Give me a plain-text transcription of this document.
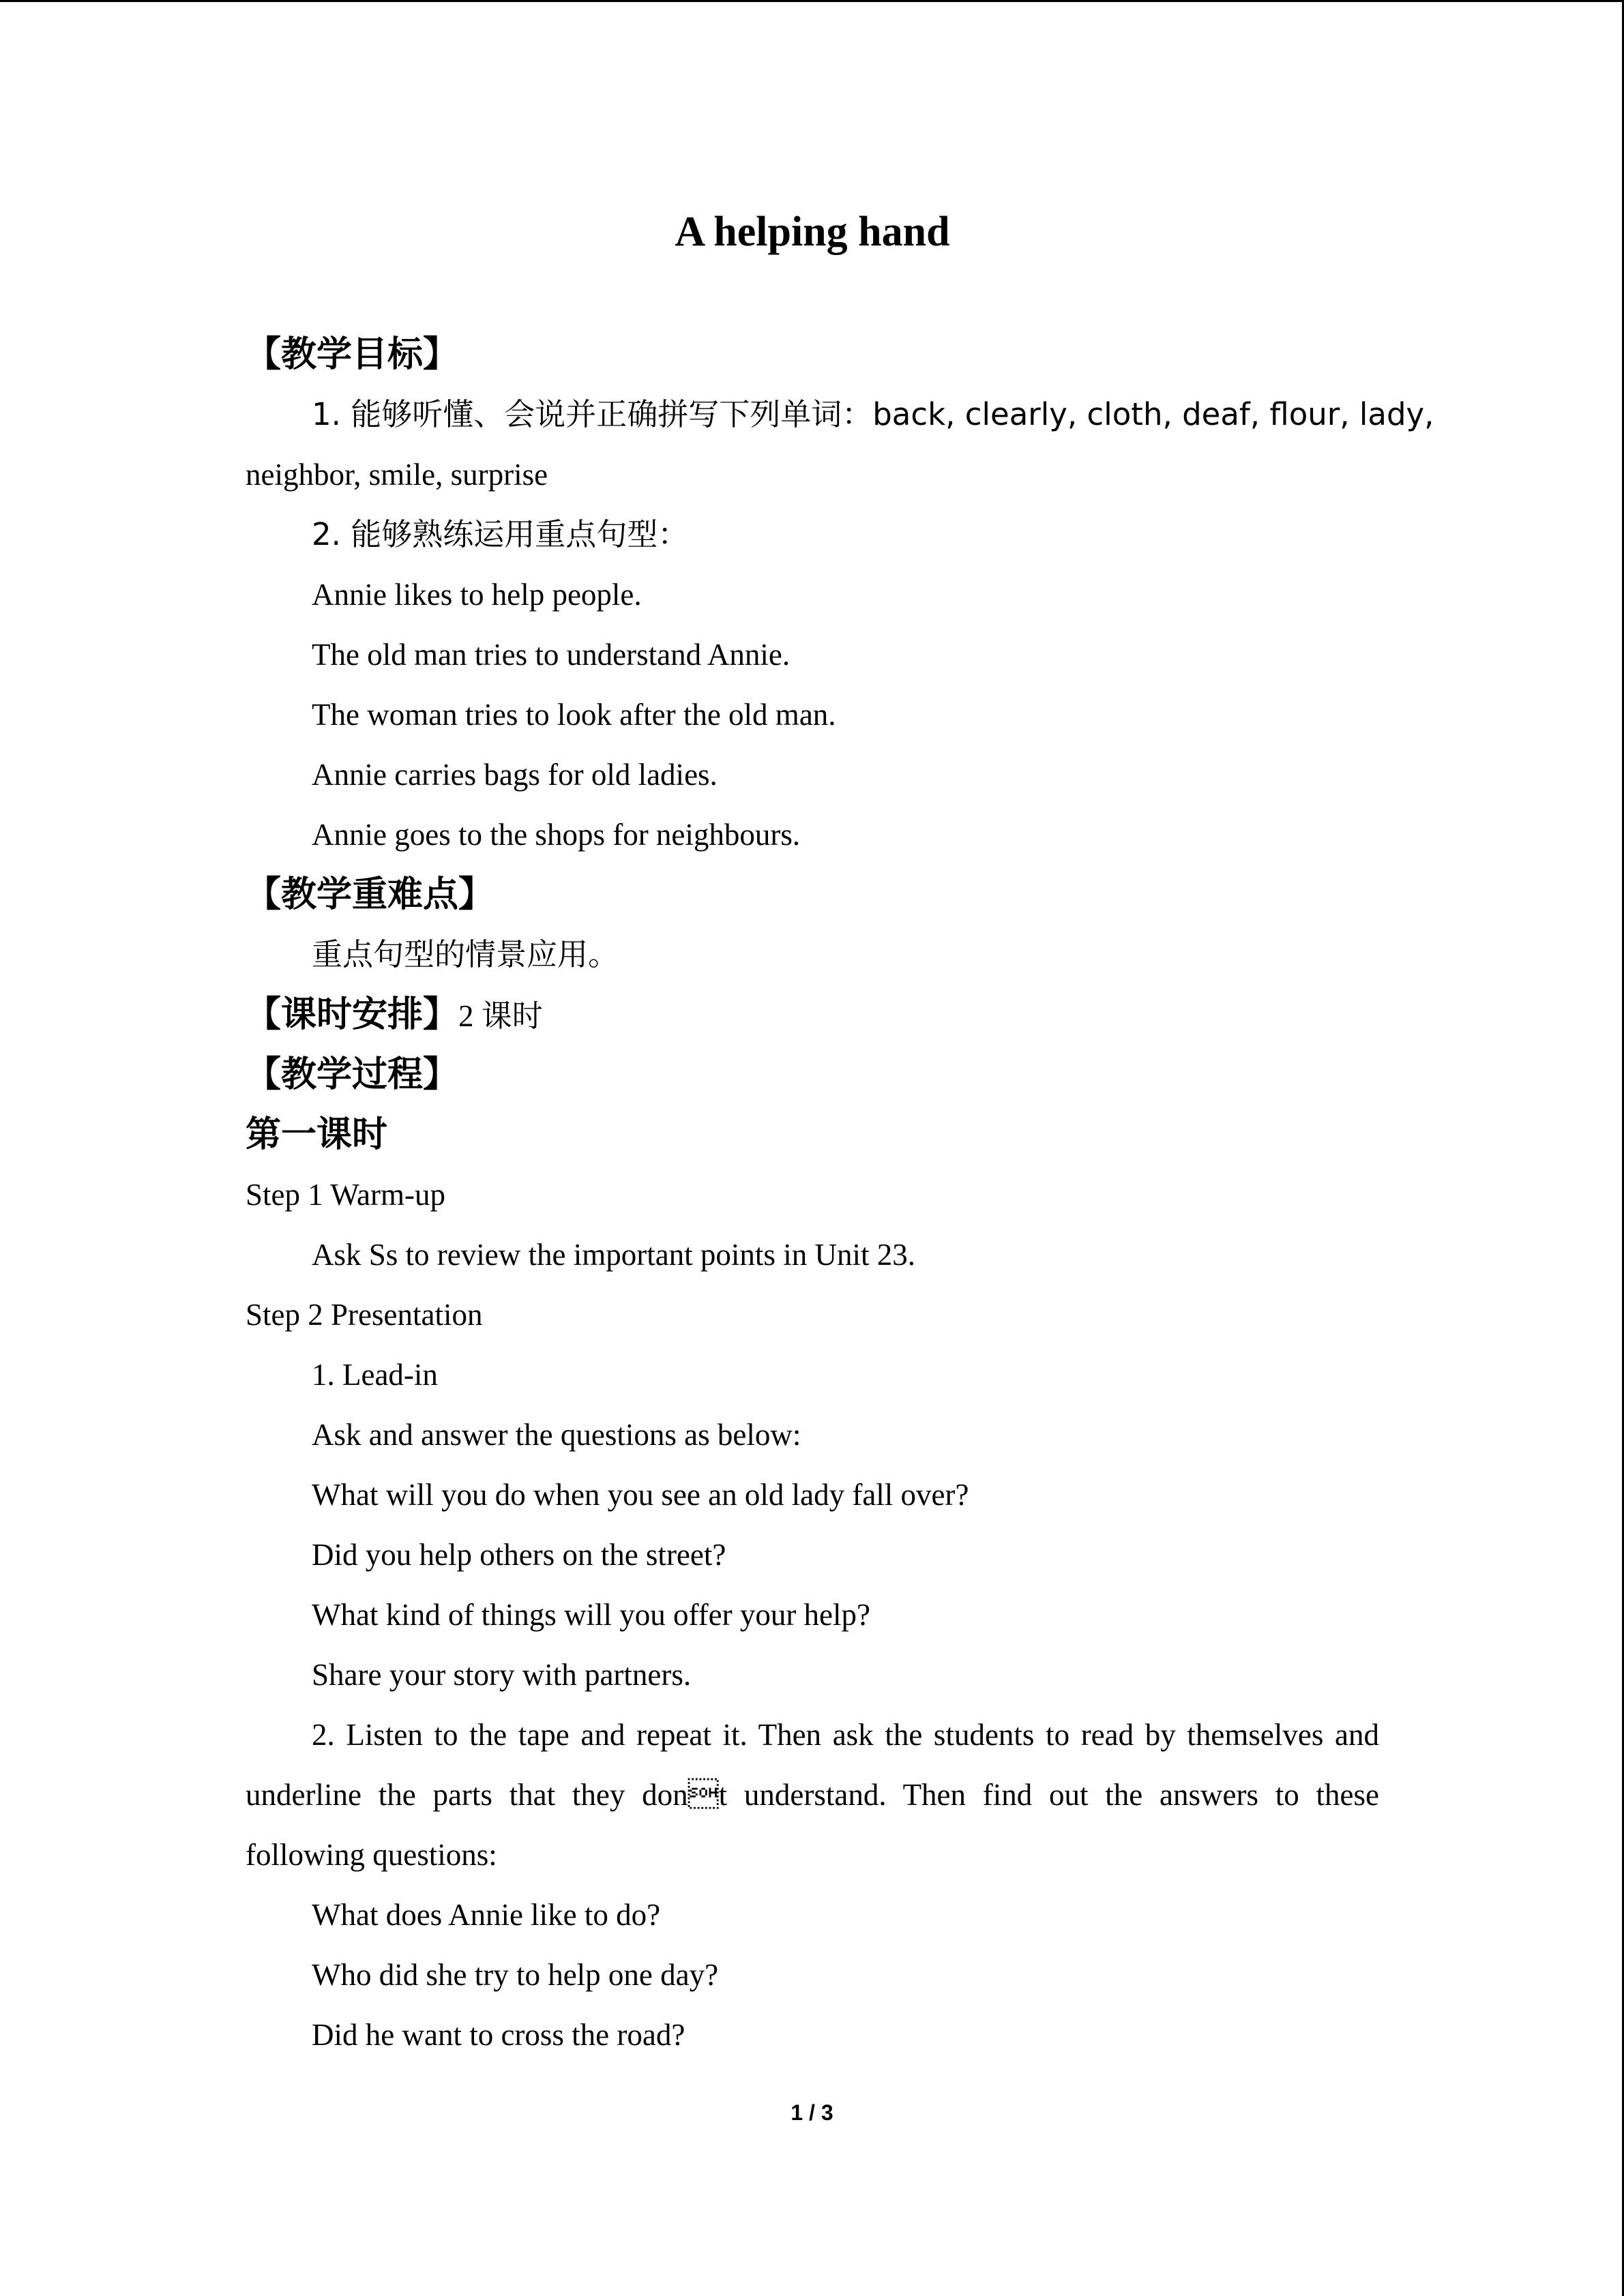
A helping hand
【教学目标】
1. 能够听懂、会说并正确拼写下列单词：back, clearly, cloth, deaf, flour, lady,
neighbor, smile, surprise
2. 能够熟练运用重点句型：
Annie likes to help people.
The old man tries to understand Annie.
The woman tries to look after the old man.
Annie carries bags for old ladies.
Annie goes to the shops for neighbours.
【教学重难点】
重点句型的情景应用。
【课时安排】2 课时
【教学过程】
第一课时
Step 1 Warm-up
Ask Ss to review the important points in Unit 23.
Step 2 Presentation
1. Lead-in
Ask and answer the questions as below:
What will you do when you see an old lady fall over?
Did you help others on the street?
What kind of things will you offer your help?
Share your story with partners.
2. Listen to the tape and repeat it. Then ask the students to read by themselves and underline the parts that they dont understand. Then find out the answers to these following questions:
What does Annie like to do?
Who did she try to help one day?
Did he want to cross the road?
1 / 3
